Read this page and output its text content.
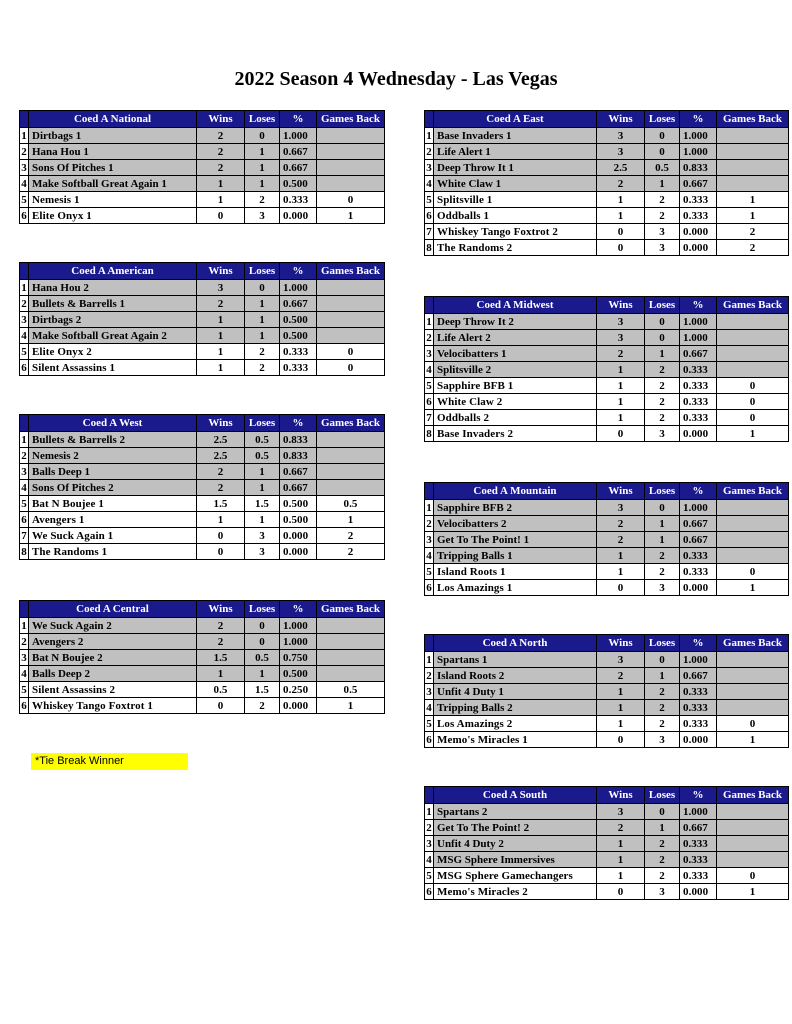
2022 Season 4 Wednesday - Las Vegas
	Coed A National	Wins	Loses	%	Games Back
1	Dirtbags 1	2	0	1.000	
2	Hana Hou 1	2	1	0.667	
3	Sons Of Pitches 1	2	1	0.667	
4	Make Softball Great Again 1	1	1	0.500	
5	Nemesis 1	1	2	0.333	0
6	Elite Onyx 1	0	3	0.000	1
	Coed A American	Wins	Loses	%	Games Back
1	Hana Hou 2	3	0	1.000	
2	Bullets & Barrells 1	2	1	0.667	
3	Dirtbags 2	1	1	0.500	
4	Make Softball Great Again 2	1	1	0.500	
5	Elite Onyx 2	1	2	0.333	0
6	Silent Assassins 1	1	2	0.333	0
	Coed A West	Wins	Loses	%	Games Back
1	Bullets & Barrells 2	2.5	0.5	0.833	
2	Nemesis 2	2.5	0.5	0.833	
3	Balls Deep 1	2	1	0.667	
4	Sons Of Pitches 2	2	1	0.667	
5	Bat N Boujee 1	1.5	1.5	0.500	0.5
6	Avengers 1	1	1	0.500	1
7	We Suck Again 1	0	3	0.000	2
8	The Randoms 1	0	3	0.000	2
	Coed A Central	Wins	Loses	%	Games Back
1	We Suck Again 2	2	0	1.000	
2	Avengers 2	2	0	1.000	
3	Bat N Boujee 2	1.5	0.5	0.750	
4	Balls Deep 2	1	1	0.500	
5	Silent Assassins 2	0.5	1.5	0.250	0.5
6	Whiskey Tango Foxtrot 1	0	2	0.000	1
	Coed A East	Wins	Loses	%	Games Back
1	Base Invaders 1	3	0	1.000	
2	Life Alert 1	3	0	1.000	
3	Deep Throw It 1	2.5	0.5	0.833	
4	White Claw 1	2	1	0.667	
5	Splitsville 1	1	2	0.333	1
6	Oddballs 1	1	2	0.333	1
7	Whiskey Tango Foxtrot 2	0	3	0.000	2
8	The Randoms 2	0	3	0.000	2
	Coed A Midwest	Wins	Loses	%	Games Back
1	Deep Throw It 2	3	0	1.000	
2	Life Alert 2	3	0	1.000	
3	Velocibatters 1	2	1	0.667	
4	Splitsville 2	1	2	0.333	
5	Sapphire BFB 1	1	2	0.333	0
6	White Claw 2	1	2	0.333	0
7	Oddballs 2	1	2	0.333	0
8	Base Invaders 2	0	3	0.000	1
	Coed A Mountain	Wins	Loses	%	Games Back
1	Sapphire BFB 2	3	0	1.000	
2	Velocibatters 2	2	1	0.667	
3	Get To The Point! 1	2	1	0.667	
4	Tripping Balls 1	1	2	0.333	
5	Island Roots 1	1	2	0.333	0
6	Los Amazings 1	0	3	0.000	1
	Coed A North	Wins	Loses	%	Games Back
1	Spartans 1	3	0	1.000	
2	Island Roots 2	2	1	0.667	
3	Unfit 4 Duty 1	1	2	0.333	
4	Tripping Balls 2	1	2	0.333	
5	Los Amazings 2	1	2	0.333	0
6	Memo's Miracles 1	0	3	0.000	1
	Coed A South	Wins	Loses	%	Games Back
1	Spartans 2	3	0	1.000	
2	Get To The Point! 2	2	1	0.667	
3	Unfit 4 Duty 2	1	2	0.333	
4	MSG Sphere Immersives	1	2	0.333	
5	MSG Sphere Gamechangers	1	2	0.333	0
6	Memo's Miracles 2	0	3	0.000	1
*Tie Break Winner
